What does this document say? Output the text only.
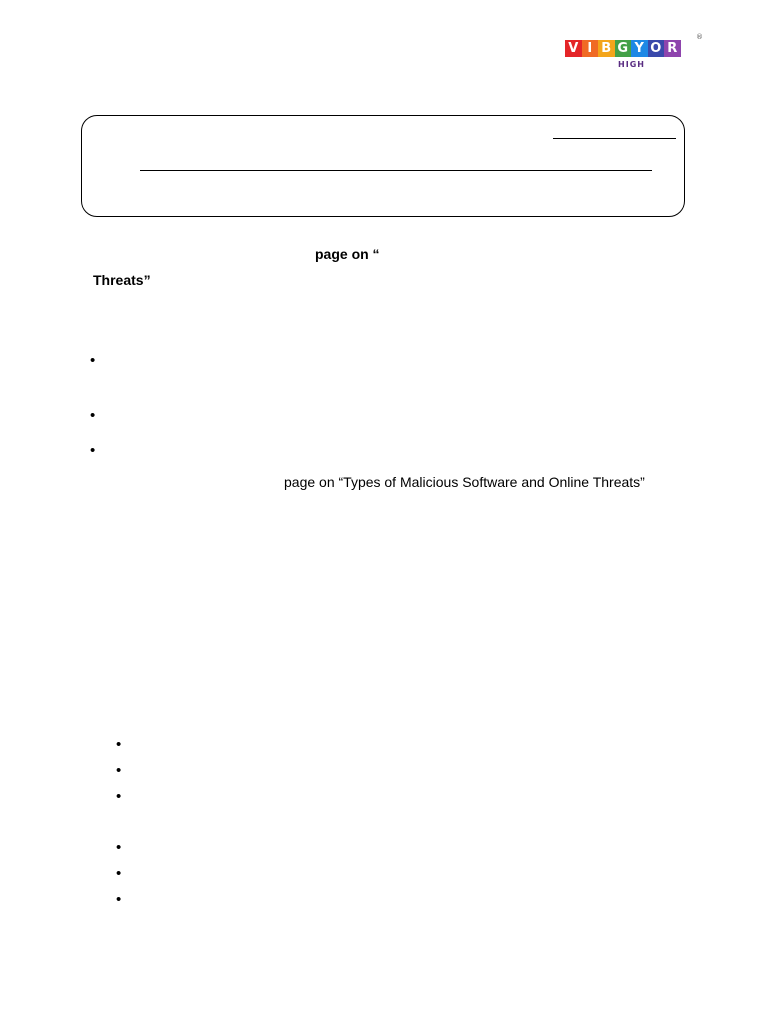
V I B G Y O R
HIGH
®
page on “
Threats”
•
•
•
page on “Types of Malicious Software and Online Threats”
•
•
•
•
•
•
